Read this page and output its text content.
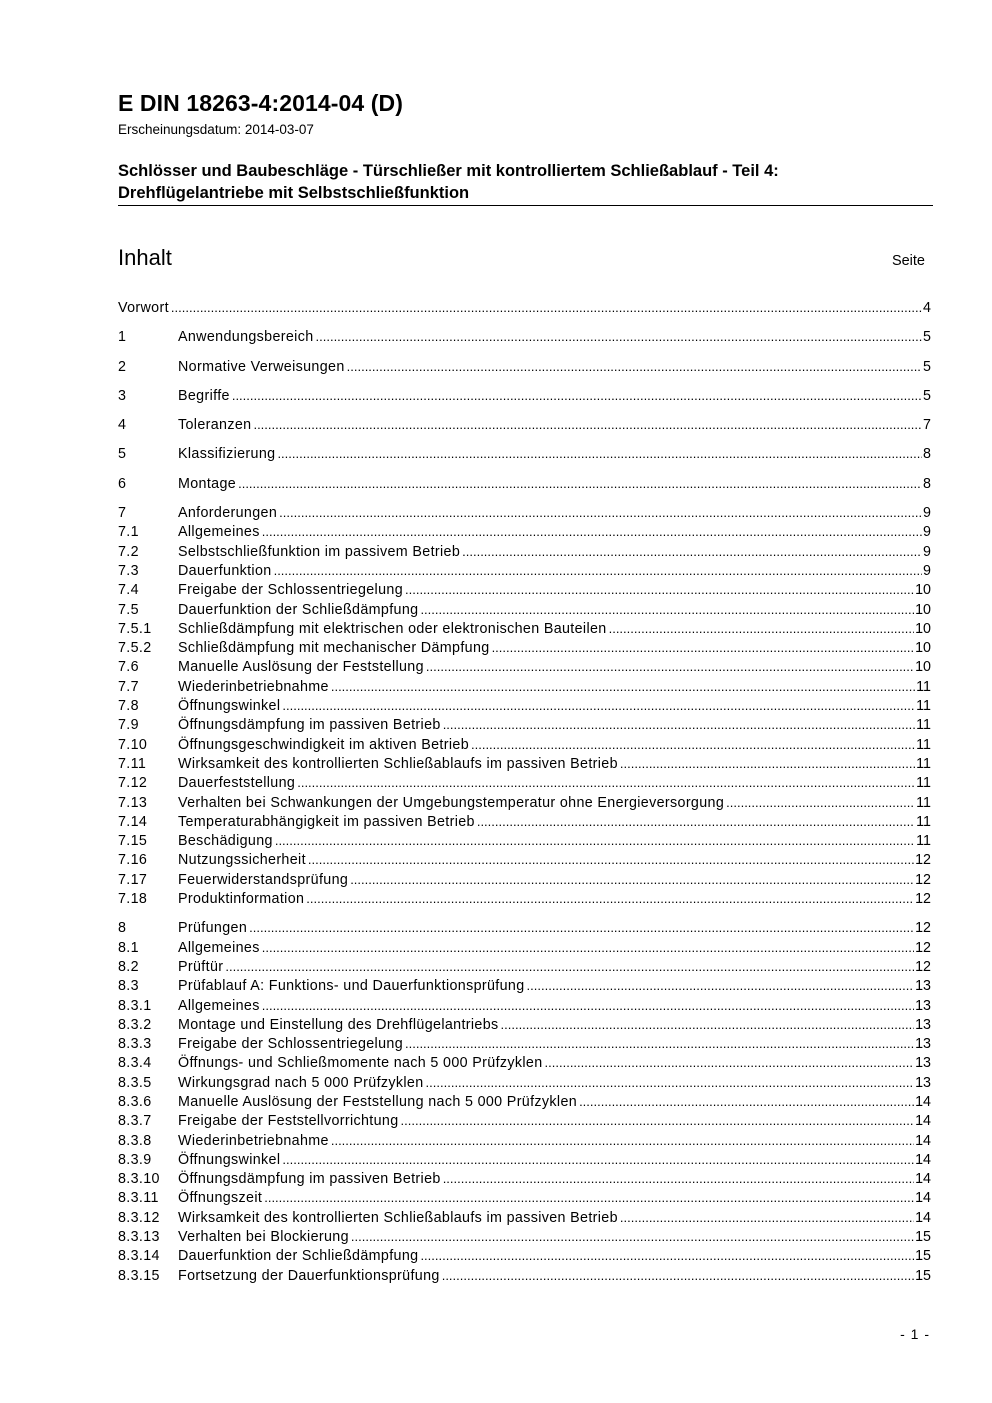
E DIN 18263-4:2014-04 (D)
Erscheinungsdatum: 2014-03-07
Schlösser und Baubeschläge - Türschließer mit kontrolliertem Schließablauf - Teil 4:
Drehflügelantriebe mit Selbstschließfunktion
Inhalt	Seite
Vorwort .....	4
1	Anwendungsbereich .....	5
2	Normative Verweisungen .....	5
3	Begriffe .....	5
4	Toleranzen .....	7
5	Klassifizierung .....	8
6	Montage .....	8
7	Anforderungen .....	9
7.1	Allgemeines .....	9
7.2	Selbstschließfunktion im passivem Betrieb .....	9
7.3	Dauerfunktion .....	9
7.4	Freigabe der Schlossentriegelung .....	10
7.5	Dauerfunktion der Schließdämpfung .....	10
7.5.1	Schließdämpfung mit elektrischen oder elektronischen Bauteilen .....	10
7.5.2	Schließdämpfung mit mechanischer Dämpfung .....	10
7.6	Manuelle Auslösung der Feststellung .....	10
7.7	Wiederinbetriebnahme .....	11
7.8	Öffnungswinkel .....	11
7.9	Öffnungsdämpfung im passiven Betrieb .....	11
7.10	Öffnungsgeschwindigkeit im aktiven Betrieb .....	11
7.11	Wirksamkeit des kontrollierten Schließablaufs im passiven Betrieb .....	11
7.12	Dauerfeststellung .....	11
7.13	Verhalten bei Schwankungen der Umgebungstemperatur ohne Energieversorgung .....	11
7.14	Temperaturabhängigkeit im passiven Betrieb .....	11
7.15	Beschädigung .....	11
7.16	Nutzungssicherheit .....	12
7.17	Feuerwiderstandsprüfung .....	12
7.18	Produktinformation .....	12
8	Prüfungen .....	12
8.1	Allgemeines .....	12
8.2	Prüftür .....	12
8.3	Prüfablauf A: Funktions- und Dauerfunktionsprüfung .....	13
8.3.1	Allgemeines .....	13
8.3.2	Montage und Einstellung des Drehflügelantriebs .....	13
8.3.3	Freigabe der Schlossentriegelung .....	13
8.3.4	Öffnungs- und Schließmomente nach 5 000 Prüfzyklen .....	13
8.3.5	Wirkungsgrad nach 5 000 Prüfzyklen .....	13
8.3.6	Manuelle Auslösung der Feststellung nach 5 000 Prüfzyklen .....	14
8.3.7	Freigabe der Feststellvorrichtung .....	14
8.3.8	Wiederinbetriebnahme .....	14
8.3.9	Öffnungswinkel .....	14
8.3.10	Öffnungsdämpfung im passiven Betrieb .....	14
8.3.11	Öffnungszeit .....	14
8.3.12	Wirksamkeit des kontrollierten Schließablaufs im passiven Betrieb .....	14
8.3.13	Verhalten bei Blockierung .....	15
8.3.14	Dauerfunktion der Schließdämpfung .....	15
8.3.15	Fortsetzung der Dauerfunktionsprüfung .....	15
- 1 -
